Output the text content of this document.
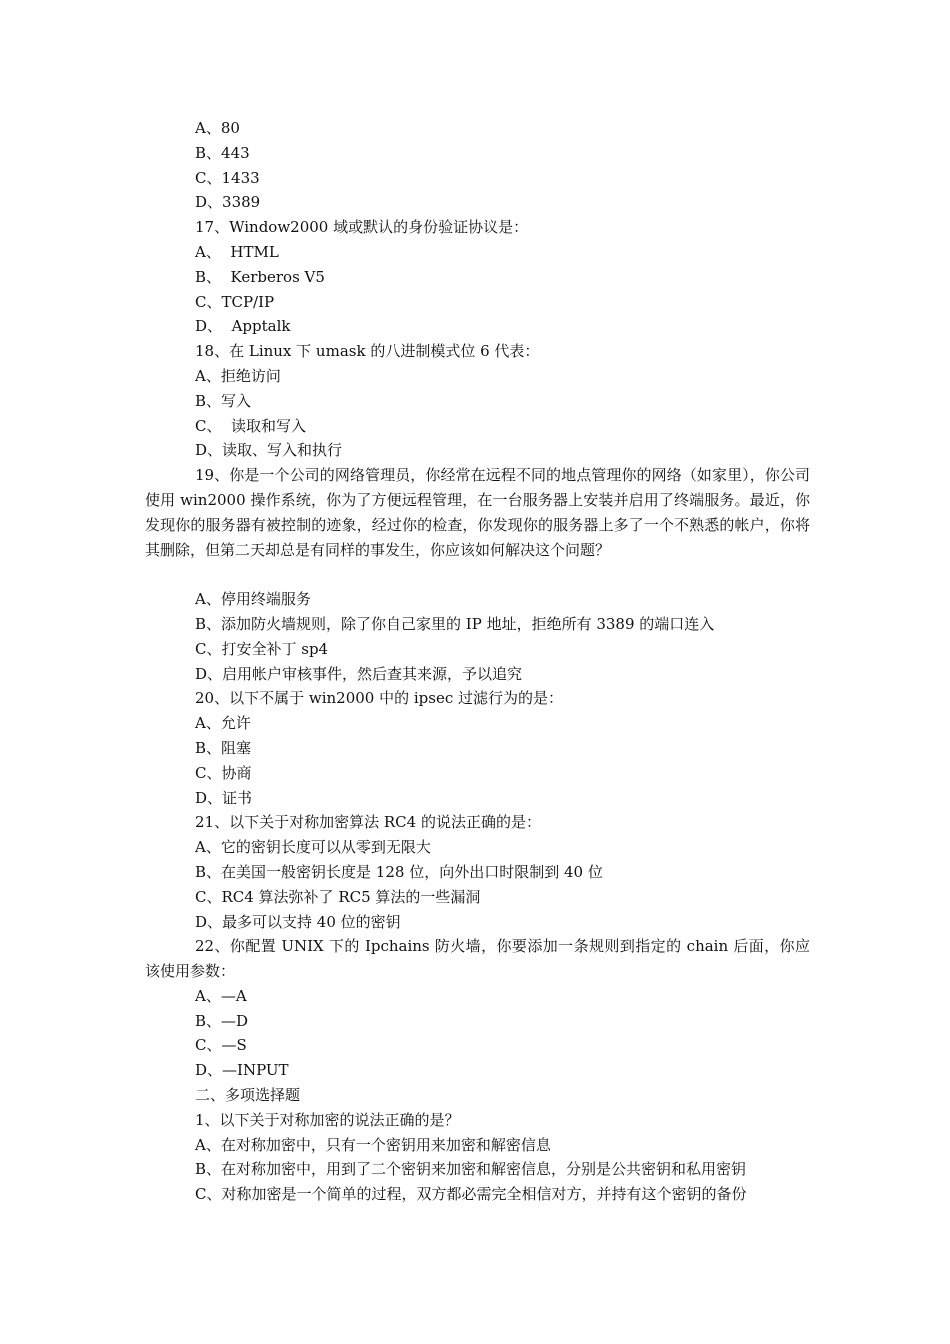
A、80
B、443
C、1433
D、3389
17、Window2000 域或默认的身份验证协议是：
A、  HTML
B、  Kerberos V5
C、TCP/IP
D、  Apptalk
18、在 Linux 下 umask 的八进制模式位 6 代表：
A、拒绝访问
B、写入
C、  读取和写入
D、读取、写入和执行

19、你是一个公司的网络管理员，你经常在远程不同的地点管理你的网络（如家里），你公司使用 win2000 操作系统，你为了方便远程管理，在一台服务器上安装并启用了终端服务。最近，你发现你的服务器有被控制的迹象，经过你的检查，你发现你的服务器上多了一个不熟悉的帐户，你将其删除，但第二天却总是有同样的事发生，你应该如何解决这个问题？

A、停用终端服务
B、添加防火墙规则，除了你自己家里的 IP 地址，拒绝所有 3389 的端口连入
C、打安全补丁 sp4
D、启用帐户审核事件，然后查其来源，予以追究
20、以下不属于 win2000 中的 ipsec 过滤行为的是：
A、允许
B、阻塞
C、协商
D、证书
21、以下关于对称加密算法 RC4 的说法正确的是：
A、它的密钥长度可以从零到无限大
B、在美国一般密钥长度是 128 位，向外出口时限制到 40 位
C、RC4 算法弥补了 RC5 算法的一些漏洞
D、最多可以支持 40 位的密钥

22、你配置 UNIX 下的 Ipchains 防火墙，你要添加一条规则到指定的 chain 后面，你应该使用参数：

A、—A
B、—D
C、—S
D、—INPUT
二、多项选择题
1、以下关于对称加密的说法正确的是？
A、在对称加密中，只有一个密钥用来加密和解密信息
B、在对称加密中，用到了二个密钥来加密和解密信息，分别是公共密钥和私用密钥
C、对称加密是一个简单的过程，双方都必需完全相信对方，并持有这个密钥的备份
